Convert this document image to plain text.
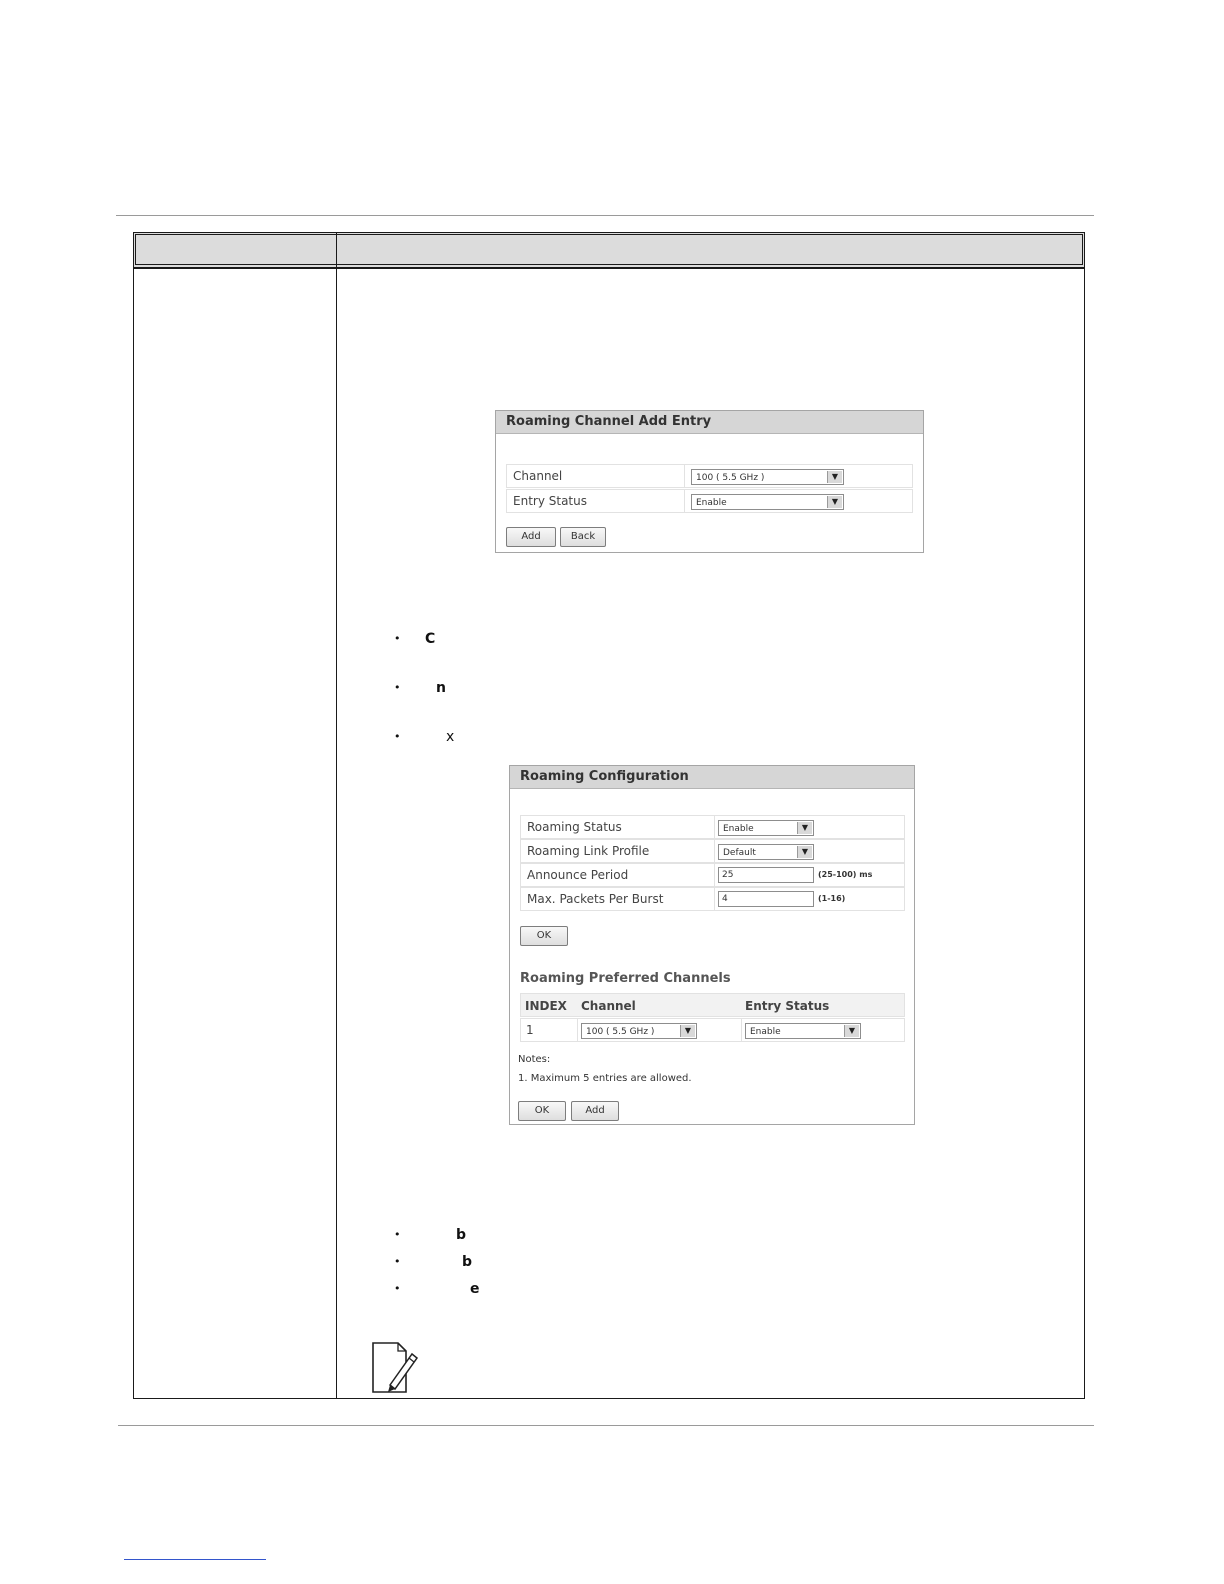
Roaming Channel Add Entry
Channel	100 ( 5.5 GHz )	▼
Entry Status	Enable	▼
Add	Back
• C
•	n
•	x
Roaming Configuration
Roaming Status	Enable	▼
Roaming Link Profile	Default	▼
Announce Period	25	(25-100) ms
Max. Packets Per Burst	4	(1-16)
OK
Roaming Preferred Channels
INDEX Channel	Entry Status
1	100 ( 5.5 GHz )	▼	Enable	▼
Notes:
1. Maximum 5 entries are allowed.
OK	Add
•	b
•	b
•	e
